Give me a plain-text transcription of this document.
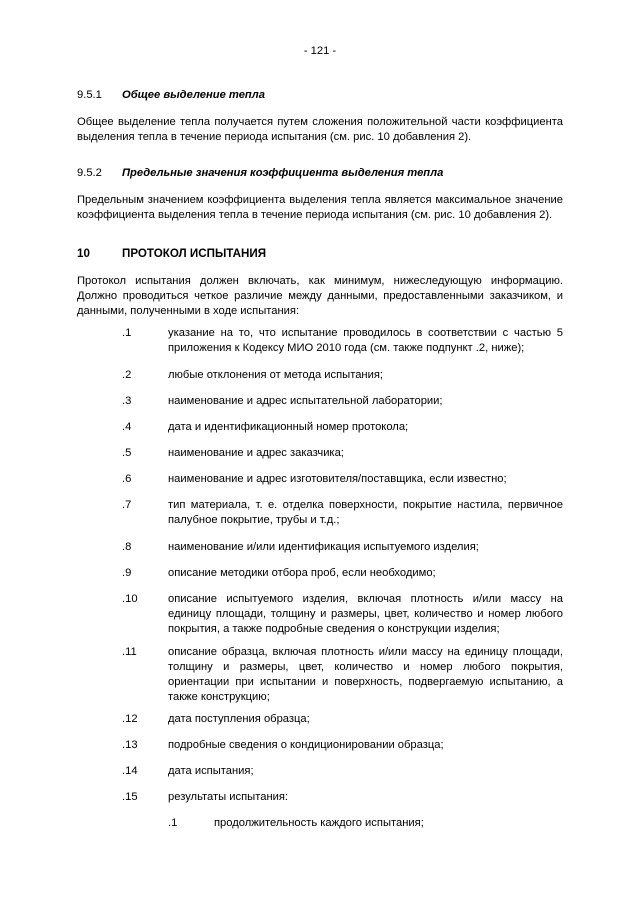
- 121 -
9.5.1 Общее выделение тепла
Общее выделение тепла получается путем сложения положительной части коэффициента выделения тепла в течение периода испытания (см. рис. 10 добавления 2).
9.5.2 Предельные значения коэффициента выделения тепла
Предельным значением коэффициента выделения тепла является максимальное значение коэффициента выделения тепла в течение периода испытания (см. рис. 10 добавления 2).
10	ПРОТОКОЛ ИСПЫТАНИЯ
Протокол испытания должен включать, как минимум, нижеследующую информацию. Должно проводиться четкое различие между данными, предоставленными заказчиком, и данными, полученными в ходе испытания:
.1	указание на то, что испытание проводилось в соответствии с частью 5 приложения к Кодексу МИО 2010 года (см. также подпункт .2, ниже);
.2	любые отклонения от метода испытания;
.3	наименование и адрес испытательной лаборатории;
.4	дата и идентификационный номер протокола;
.5	наименование и адрес заказчика;
.6	наименование и адрес изготовителя/поставщика, если известно;
.7	тип материала, т. е. отделка поверхности, покрытие настила, первичное палубное покрытие, трубы и т.д.;
.8	наименование и/или идентификация испытуемого изделия;
.9	описание методики отбора проб, если необходимо;
.10	описание испытуемого изделия, включая плотность и/или массу на единицу площади, толщину и размеры, цвет, количество и номер любого покрытия, а также подробные сведения о конструкции изделия;
.11	описание образца, включая плотность и/или массу на единицу площади, толщину и размеры, цвет, количество и номер любого покрытия, ориентации при испытании и поверхность, подвергаемую испытанию, а также конструкцию;
.12	дата поступления образца;
.13	подробные сведения о кондиционировании образца;
.14	дата испытания;
.15	результаты испытания:
.1	продолжительность каждого испытания;
